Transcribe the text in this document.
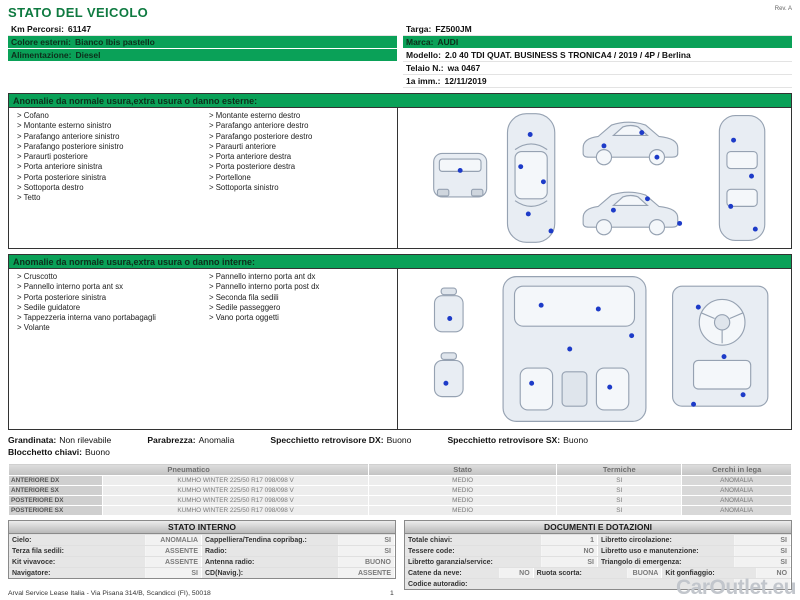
STATO DEL VEICOLO	Rev. A
Km Percorsi: 61147
Colore esterni: Bianco Ibis pastello
Alimentazione: Diesel
Targa: FZ500JM
Marca: AUDI
Modello: 2.0 40 TDI QUAT. BUSINESS S TRONICA4 / 2019 / 4P / Berlina
Telaio N.: wa 0467
1a imm.: 12/11/2019
Anomalie da normale usura,extra usura o danno esterne:
> Cofano
> Montante esterno sinistro
> Parafango anteriore sinistro
> Parafango posteriore sinistro
> Paraurti posteriore
> Porta anteriore sinistra
> Porta posteriore sinistra
> Sottoporta destro
> Tetto
> Montante esterno destro
> Parafango anteriore destro
> Parafango posteriore destro
> Paraurti anteriore
> Porta anteriore destra
> Porta posteriore destra
> Portellone
> Sottoporta sinistro
Anomalie da normale usura,extra usura o danno interne:
> Cruscotto
> Pannello interno porta ant sx
> Porta posteriore sinistra
> Sedile guidatore
> Tappezzeria interna vano portabagagli
> Volante
> Pannello interno porta ant dx
> Pannello interno porta post dx
> Seconda fila sedili
> Sedile passeggero
> Vano porta oggetti
Grandinata: Non rilevabile	Parabrezza: Anomalia	Specchietto retrovisore DX: Buono	Specchietto retrovisore SX: Buono
Blocchetto chiavi: Buono
Pneumatico		Stato	Termiche	Cerchi in lega
ANTERIORE DX	KUMHO WINTER 225/50 R17 098/098 V	MEDIO	SI	ANOMALIA
ANTERIORE SX	KUMHO WINTER 225/50 R17 098/098 V	MEDIO	SI	ANOMALIA
POSTERIORE DX	KUMHO WINTER 225/50 R17 098/098 V	MEDIO	SI	ANOMALIA
POSTERIORE SX	KUMHO WINTER 225/50 R17 098/098 V	MEDIO	SI	ANOMALIA
STATO INTERNO
Cielo:	ANOMALIA	Cappelliera/Tendina copribag.:	SI
Terza fila sedili:	ASSENTE	Radio:	SI
Kit vivavoce:	ASSENTE	Antenna radio:	BUONO
Navigatore:	SI	CD(Navig.):	ASSENTE
DOCUMENTI E DOTAZIONI
Totale chiavi:	1	Libretto circolazione:	SI
Tessere code:	NO	Libretto uso e manutenzione:	SI
Libretto garanzia/service:	SI	Triangolo di emergenza:	SI
Catene da neve:	NO	Ruota scorta:	BUONA	Kit gonfiaggio:	NO
Codice autoradio:
Arval Service Lease Italia - Via Pisana 314/B, Scandicci (FI), 50018	1	CarOutlet.eu
